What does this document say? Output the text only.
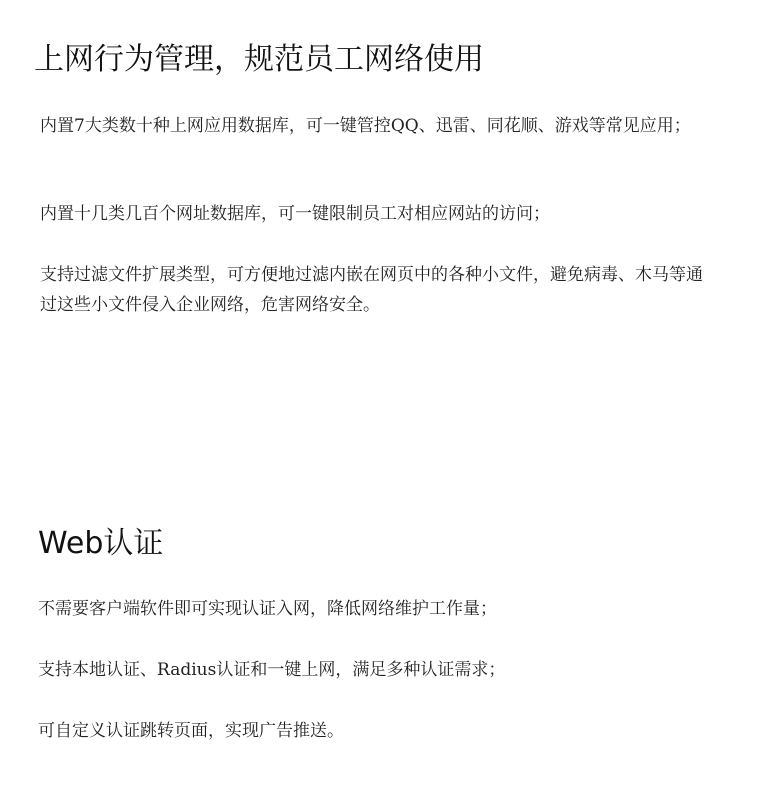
上网行为管理，规范员工网络使用

内置7大类数十种上网应用数据库，可一键管控QQ、迅雷、同花顺、游戏等常见应用；

内置十几类几百个网址数据库，可一键限制员工对相应网站的访问；

支持过滤文件扩展类型，可方便地过滤内嵌在网页中的各种小文件，避免病毒、木马等通过这些小文件侵入企业网络，危害网络安全。

Web认证

不需要客户端软件即可实现认证入网，降低网络维护工作量；

支持本地认证、Radius认证和一键上网，满足多种认证需求；

可自定义认证跳转页面，实现广告推送。
